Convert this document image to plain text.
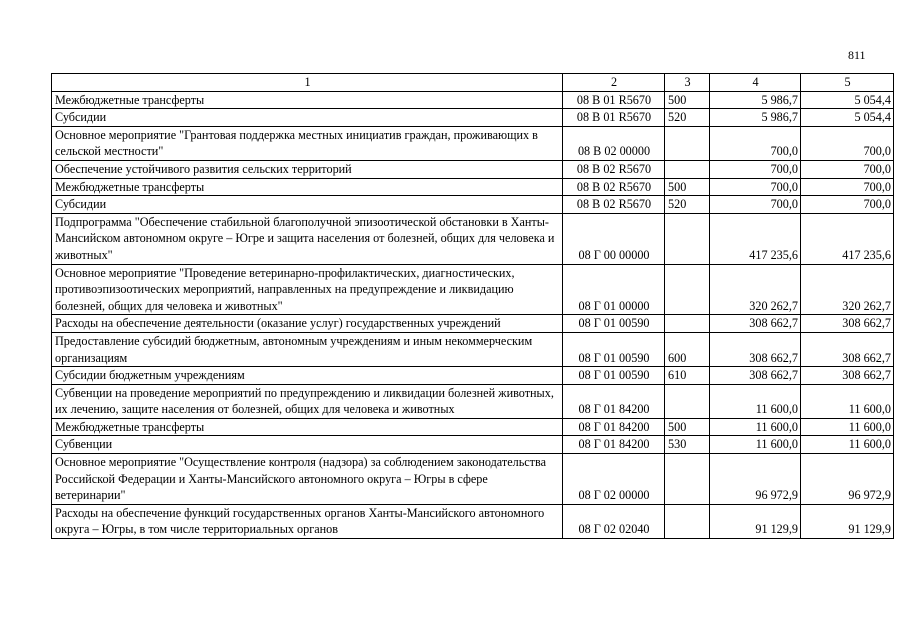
811
1	2	3	4	5
Межбюджетные трансферты	08 В 01 R5670	500	5 986,7	5 054,4
Субсидии	08 В 01 R5670	520	5 986,7	5 054,4
Основное мероприятие "Грантовая поддержка местных инициатив граждан, проживающих в сельской местности"	08 В 02 00000		700,0	700,0
Обеспечение устойчивого развития сельских территорий	08 В 02 R5670		700,0	700,0
Межбюджетные трансферты	08 В 02 R5670	500	700,0	700,0
Субсидии	08 В 02 R5670	520	700,0	700,0
Подпрограмма "Обеспечение стабильной благополучной эпизоотической обстановки в Ханты-Мансийском автономном округе – Югре и защита населения от болезней, общих для человека и животных"	08 Г 00 00000		417 235,6	417 235,6
Основное мероприятие "Проведение ветеринарно-профилактических, диагностических, противоэпизоотических мероприятий, направленных на предупреждение и ликвидацию болезней, общих для человека и животных"	08 Г 01 00000		320 262,7	320 262,7
Расходы на обеспечение деятельности (оказание услуг) государственных учреждений	08 Г 01 00590		308 662,7	308 662,7
Предоставление субсидий бюджетным, автономным учреждениям и иным некоммерческим организациям	08 Г 01 00590	600	308 662,7	308 662,7
Субсидии бюджетным учреждениям	08 Г 01 00590	610	308 662,7	308 662,7
Субвенции на проведение мероприятий по предупреждению и ликвидации болезней животных, их лечению, защите населения от болезней, общих для человека и животных	08 Г 01 84200		11 600,0	11 600,0
Межбюджетные трансферты	08 Г 01 84200	500	11 600,0	11 600,0
Субвенции	08 Г 01 84200	530	11 600,0	11 600,0
Основное мероприятие "Осуществление контроля (надзора) за соблюдением законодательства Российской Федерации и Ханты-Мансийского автономного округа – Югры в сфере ветеринарии"	08 Г 02 00000		96 972,9	96 972,9
Расходы на обеспечение функций государственных органов Ханты-Мансийского автономного округа – Югры, в том числе территориальных органов	08 Г 02 02040		91 129,9	91 129,9
